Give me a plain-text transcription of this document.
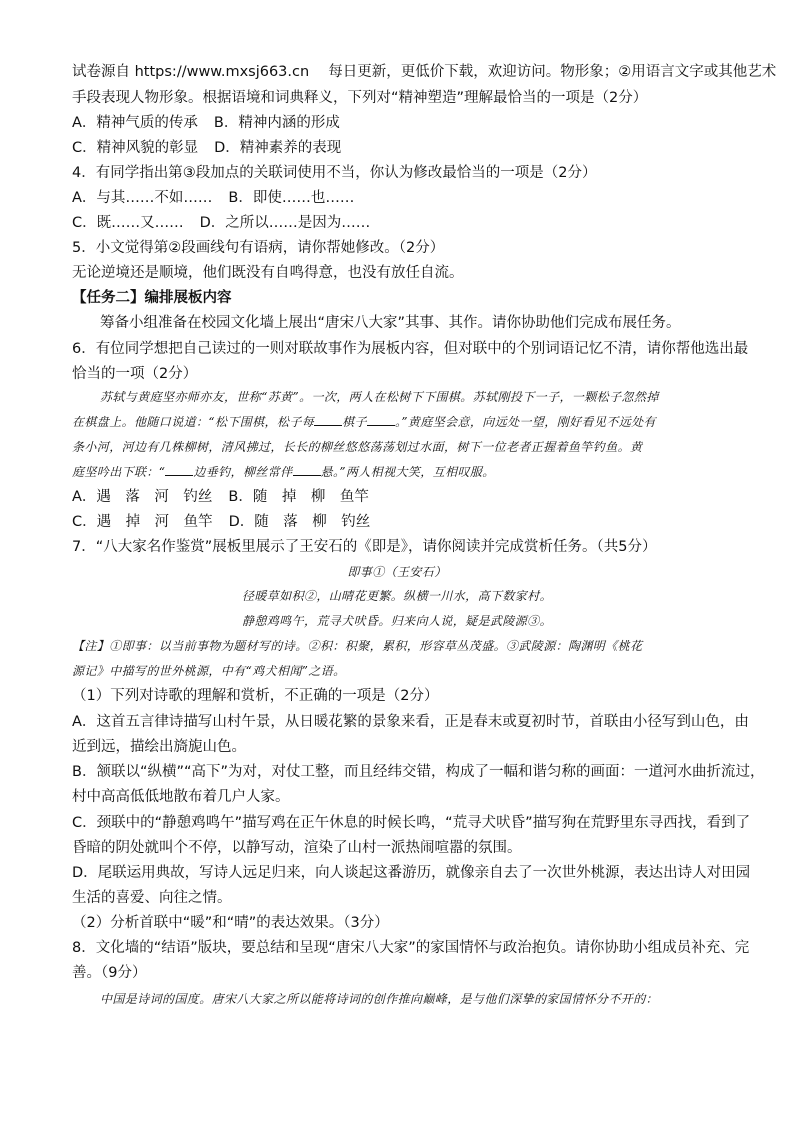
试卷源自 https://www.mxsj663.cn　 每日更新，更低价下载，欢迎访问。物形象；②用语言文字或其他艺术
手段表现人物形象。根据语境和词典释义，下列对“精神塑造”理解最恰当的一项是（2分）
A．精神气质的传承 B．精神内涵的形成
C．精神风貌的彰显 D．精神素养的表现
4．有同学指出第③段加点的关联词使用不当，你认为修改最恰当的一项是（2分）
A．与其……不如…… B．即使……也……
C．既……又…… D．之所以……是因为……
5．小文觉得第②段画线句有语病，请你帮她修改。（2分）
无论逆境还是顺境，他们既没有自鸣得意，也没有放任自流。
【任务二】编排展板内容
筹备小组准备在校园文化墙上展出“唐宋八大家”其事、其作。请你协助他们完成布展任务。
6．有位同学想把自己读过的一则对联故事作为展板内容，但对联中的个别词语记忆不清，请你帮他选出最
恰当的一项（2分）
苏轼与黄庭坚亦师亦友，世称“苏黄”。一次，两人在松树下下围棋。苏轼刚投下一子，一颗松子忽然掉
在棋盘上。他随口说道：“松下围棋，松子每 棋子 。”黄庭坚会意，向远处一望，刚好看见不远处有
条小河，河边有几株柳树，清风拂过，长长的柳丝悠悠荡荡划过水面，树下一位老者正握着鱼竿钓鱼。黄
庭坚吟出下联：“ 边垂钓，柳丝常伴 悬。”两人相视大笑，互相叹服。
A．遇　落　河　钓丝 B．随　掉　柳　鱼竿
C．遇　掉　河　鱼竿 D．随　落　柳　钓丝
7．“八大家名作鉴赏”展板里展示了王安石的《即是》，请你阅读并完成赏析任务。（共5分）
即事①（王安石）
径暖草如积②，山晴花更繁。纵横一川水，高下数家村。
静憩鸡鸣午，荒寻犬吠昏。归来向人说，疑是武陵源③。
【注】①即事：以当前事物为题材写的诗。②积：积聚，累积，形容草丛茂盛。③武陵源：陶渊明《桃花
源记》中描写的世外桃源，中有“鸡犬相闻”之语。
（1）下列对诗歌的理解和赏析，不正确的一项是（2分）
A．这首五言律诗描写山村午景，从日暖花繁的景象来看，正是春末或夏初时节，首联由小径写到山色，由
近到远，描绘出旖旎山色。
B．颔联以“纵横”“高下”为对，对仗工整，而且经纬交错，构成了一幅和谐匀称的画面：一道河水曲折流过，
村中高高低低地散布着几户人家。
C．颈联中的“静憩鸡鸣午”描写鸡在正午休息的时候长鸣，“荒寻犬吠昏”描写狗在荒野里东寻西找，看到了
昏暗的阴处就叫个不停，以静写动，渲染了山村一派热闹喧嚣的氛围。
D．尾联运用典故，写诗人远足归来，向人谈起这番游历，就像亲自去了一次世外桃源，表达出诗人对田园
生活的喜爱、向往之情。
（2）分析首联中“暖”和“晴”的表达效果。（3分）
8．文化墙的“结语”版块，要总结和呈现“唐宋八大家”的家国情怀与政治抱负。请你协助小组成员补充、完
善。（9分）
中国是诗词的国度。唐宋八大家之所以能将诗词的创作推向巅峰，是与他们深挚的家国情怀分不开的：
